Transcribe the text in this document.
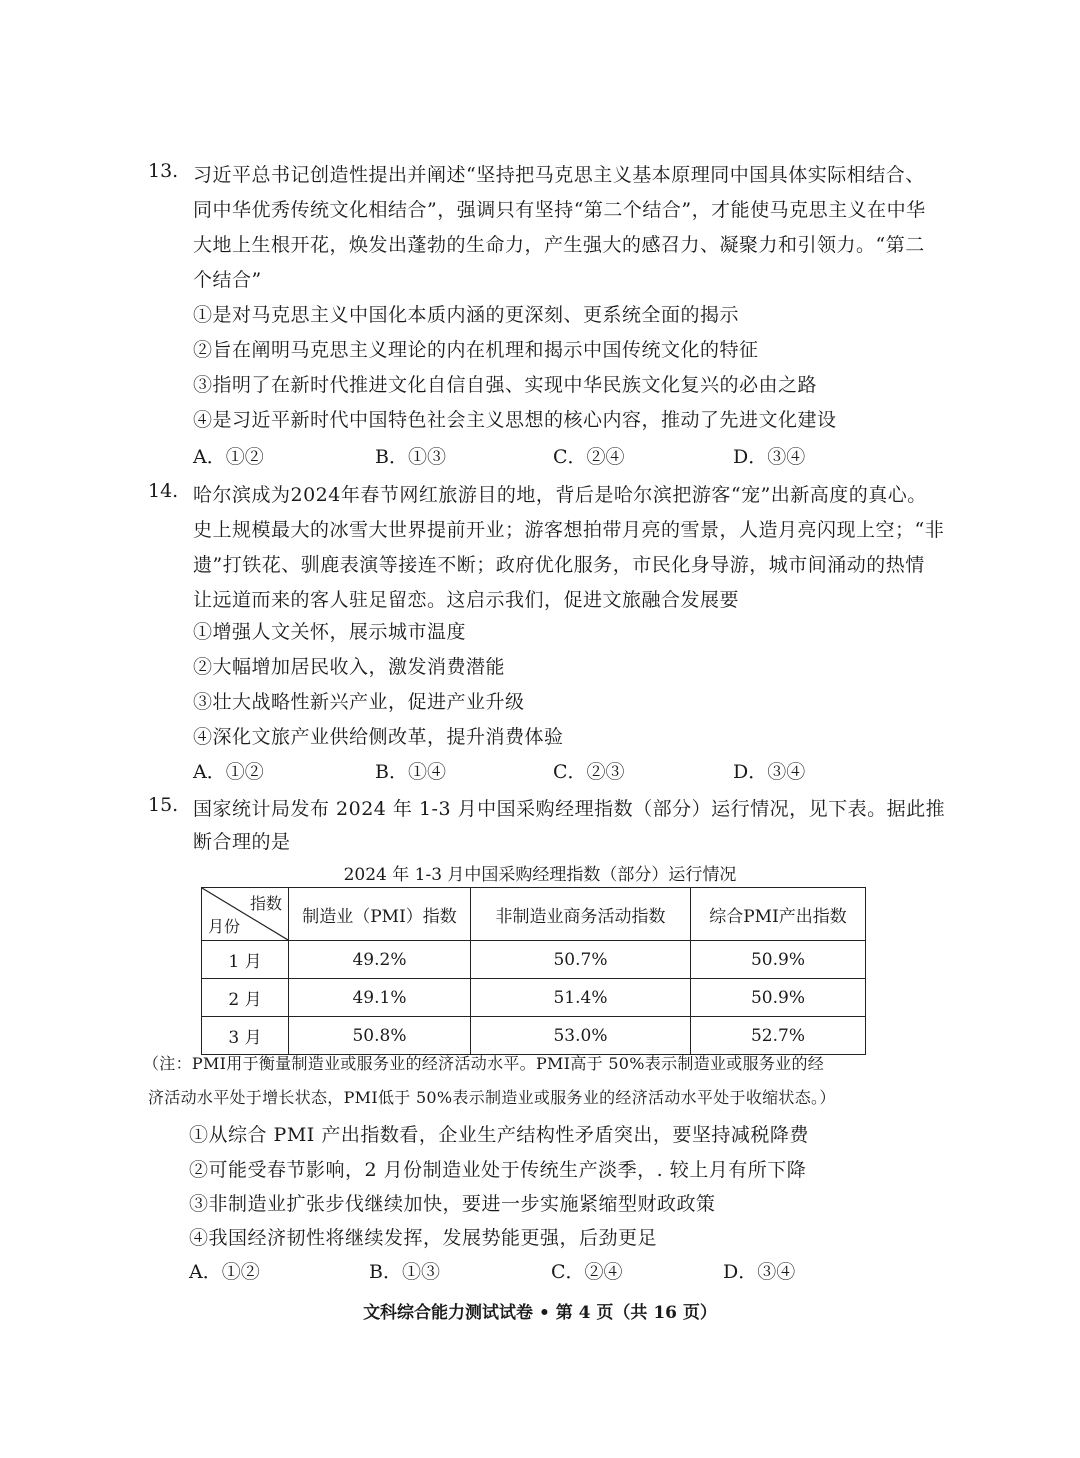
13. 习近平总书记创造性提出并阐述“坚持把马克思主义基本原理同中国具体实际相结合、
同中华优秀传统文化相结合”，强调只有坚持“第二个结合”，才能使马克思主义在中华
大地上生根开花，焕发出蓬勃的生命力，产生强大的感召力、凝聚力和引领力。“第二
个结合”
①是对马克思主义中国化本质内涵的更深刻、更系统全面的揭示
②旨在阐明马克思主义理论的内在机理和揭示中国传统文化的特征
③指明了在新时代推进文化自信自强、实现中华民族文化复兴的必由之路
④是习近平新时代中国特色社会主义思想的核心内容，推动了先进文化建设
A．①②	B．①③	C．②④	D．③④
14. 哈尔滨成为2024年春节网红旅游目的地，背后是哈尔滨把游客“宠”出新高度的真心。
史上规模最大的冰雪大世界提前开业；游客想拍带月亮的雪景，人造月亮闪现上空；“非
遗”打铁花、驯鹿表演等接连不断；政府优化服务，市民化身导游，城市间涌动的热情
让远道而来的客人驻足留恋。这启示我们，促进文旅融合发展要
①增强人文关怀，展示城市温度
②大幅增加居民收入，激发消费潜能
③壮大战略性新兴产业，促进产业升级
④深化文旅产业供给侧改革，提升消费体验
A．①②	B．①④	C．②③	D．③④
15. 国家统计局发布 2024 年 1-3 月中国采购经理指数（部分）运行情况，见下表。据此推
断合理的是
2024 年 1-3 月中国采购经理指数（部分）运行情况
指数
月份	制造业（PMI）指数	非制造业商务活动指数	综合PMI产出指数
1 月	49.2%	50.7%	50.9%
2 月	49.1%	51.4%	50.9%
3 月	50.8%	53.0%	52.7%
（注：PMI用于衡量制造业或服务业的经济活动水平。PMI高于 50%表示制造业或服务业的经
济活动水平处于增长状态，PMI低于 50%表示制造业或服务业的经济活动水平处于收缩状态。）
①从综合 PMI 产出指数看，企业生产结构性矛盾突出，要坚持减税降费
②可能受春节影响，2 月份制造业处于传统生产淡季，. 较上月有所下降
③非制造业扩张步伐继续加快，要进一步实施紧缩型财政政策
④我国经济韧性将继续发挥，发展势能更强，后劲更足
A．①②	B．①③	C．②④	D．③④
文科综合能力测试试卷 • 第 4 页（共 16 页）
